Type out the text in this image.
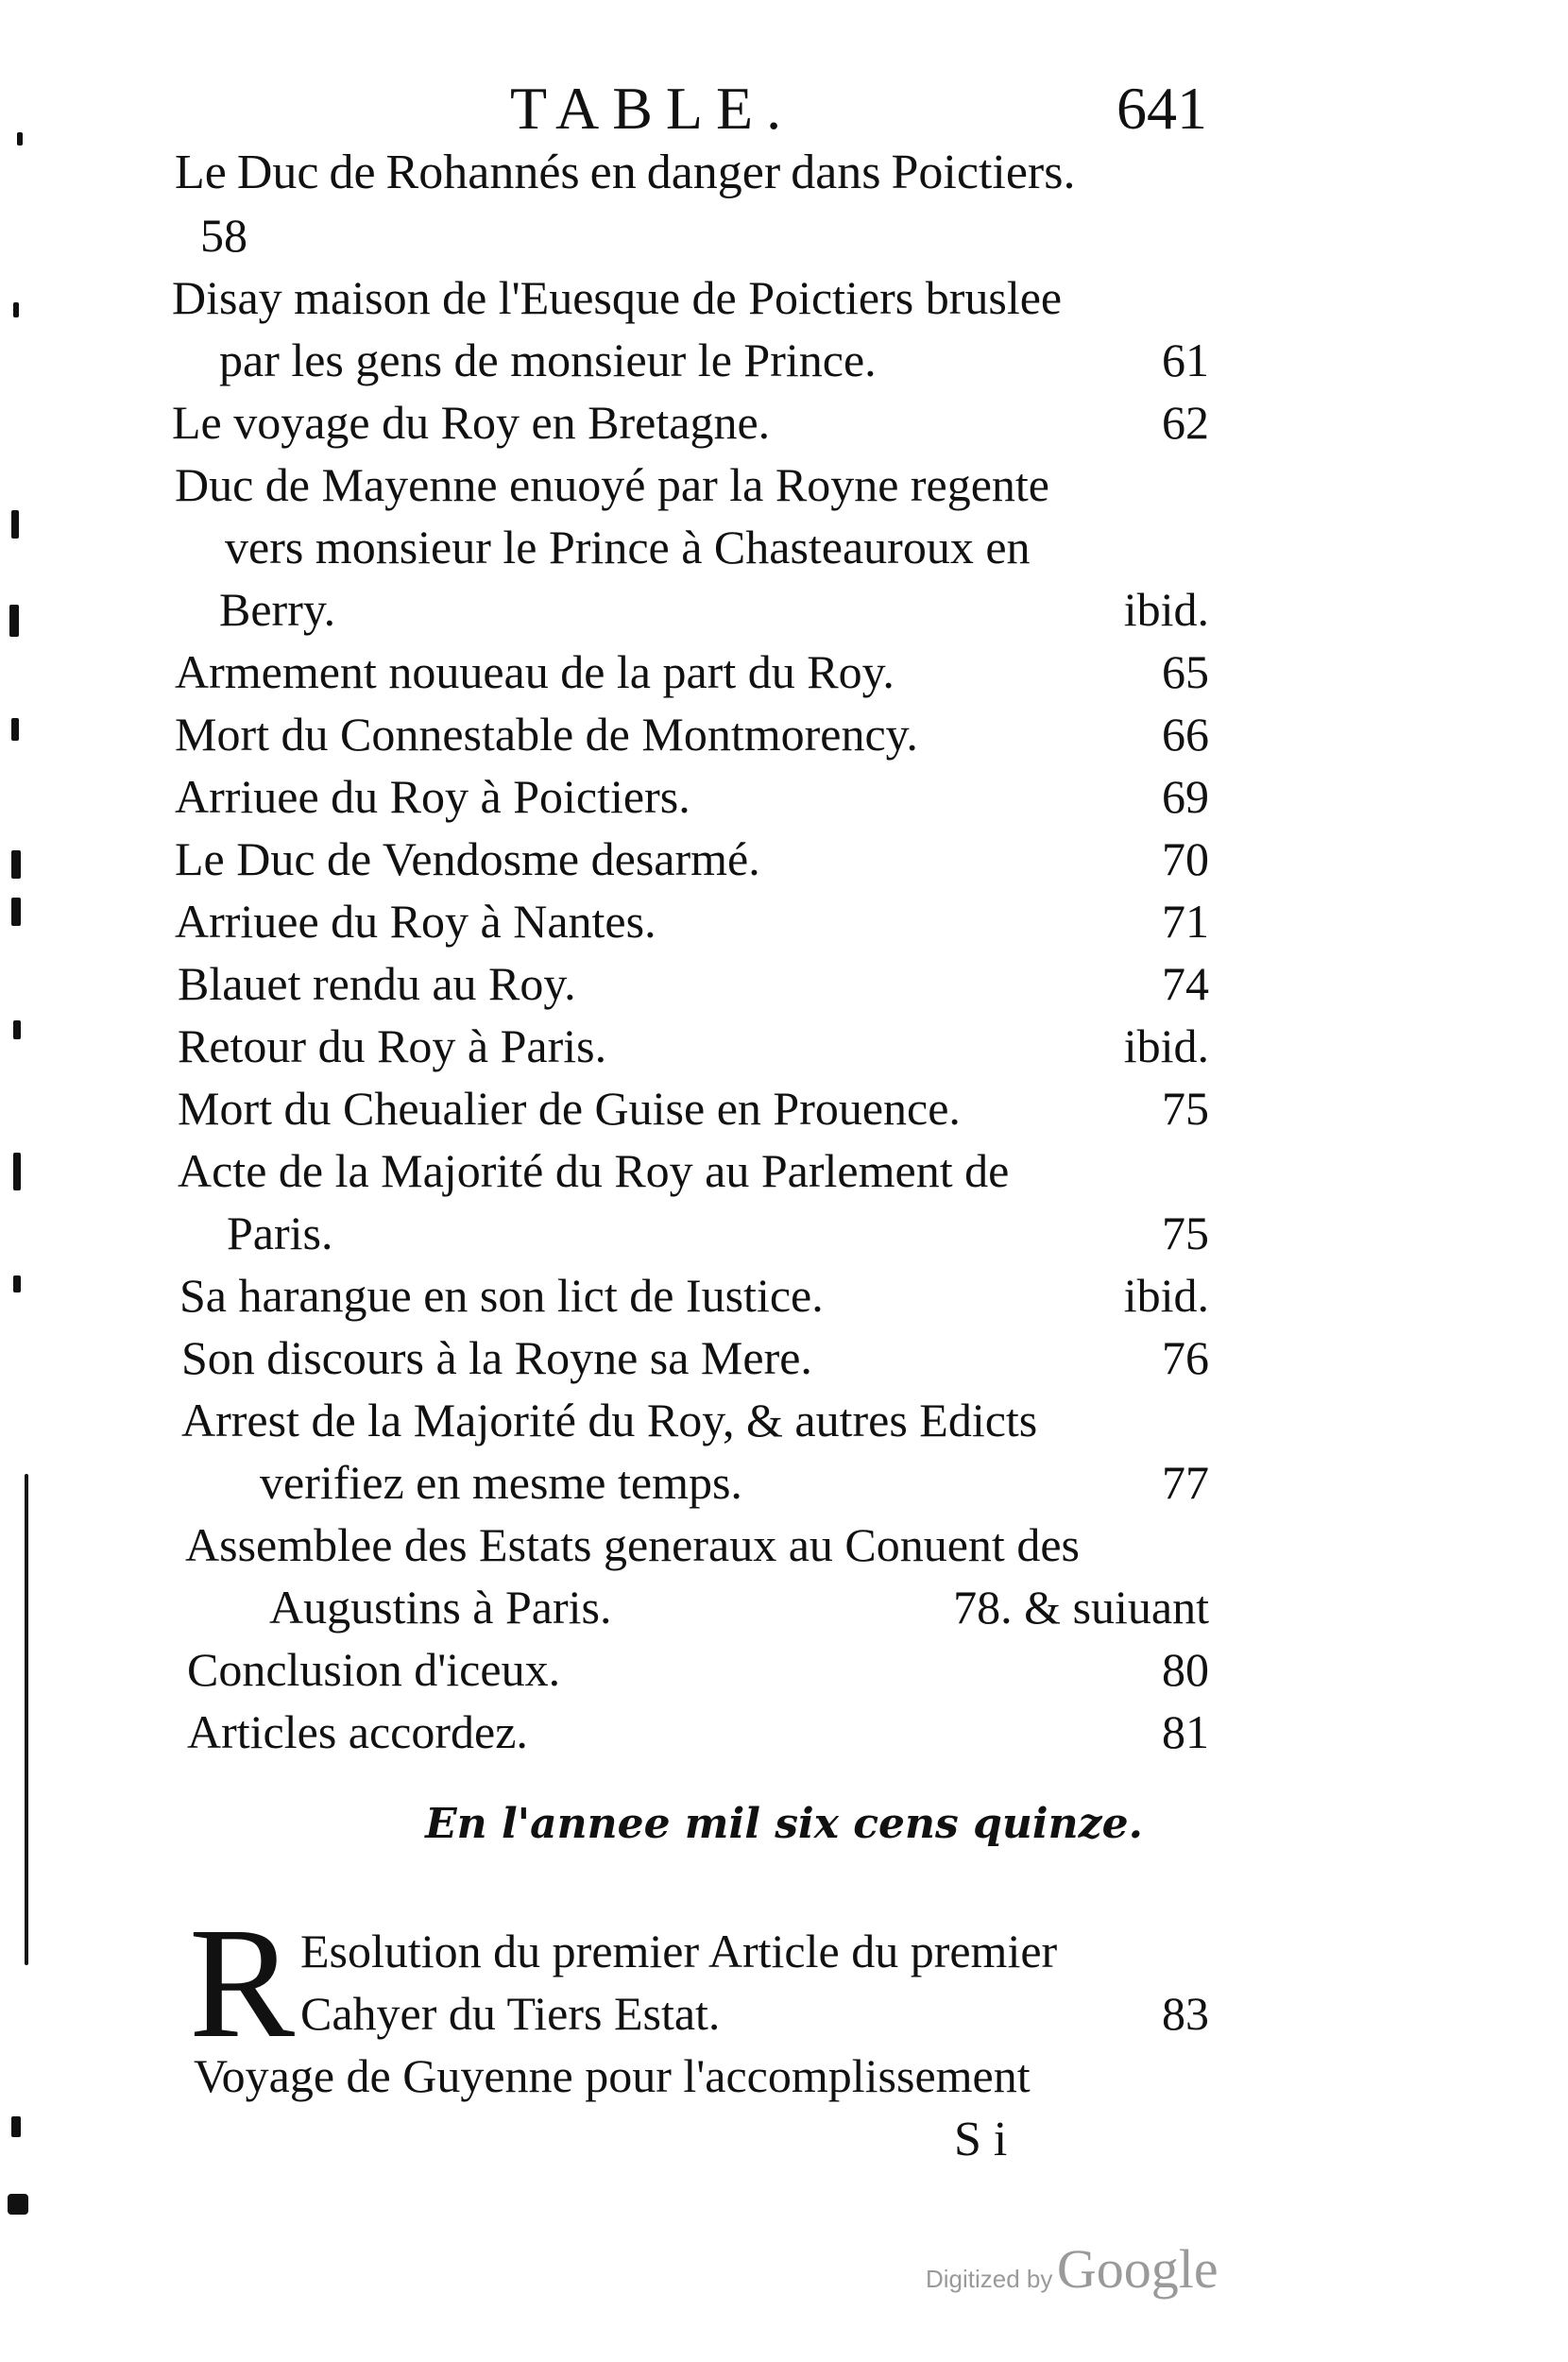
TABLE.	641
Le Duc de Rohannés en danger dans Poictiers.
58
Disay maison de l'Euesque de Poictiers bruslee
par les gens de monsieur le Prince.	61
Le voyage du Roy en Bretagne.	62
Duc de Mayenne enuoyé par la Royne regente
vers monsieur le Prince à Chasteauroux en
Berry.	ibid.
Armement nouueau de la part du Roy.	65
Mort du Connestable de Montmorency.	66
Arriuee du Roy à Poictiers.	69
Le Duc de Vendosme desarmé.	70
Arriuee du Roy à Nantes.	71
Blauet rendu au Roy.	74
Retour du Roy à Paris.	ibid.
Mort du Cheualier de Guise en Prouence.	75
Acte de la Majorité du Roy au Parlement de
Paris.	75
Sa harangue en son lict de Iustice.	ibid.
Son discours à la Royne sa Mere.	76
Arrest de la Majorité du Roy, & autres Edicts
verifiez en mesme temps.	77
Assemblee des Estats generaux au Conuent des
Augustins à Paris.	78. & suiuant
Conclusion d'iceux.	80
Articles accordez.	81
En l'annee mil six cens quinze.
R Esolution du premier Article du premier
Cahyer du Tiers Estat.	83
Voyage de Guyenne pour l'accomplissement
S i
Digitized by Google
